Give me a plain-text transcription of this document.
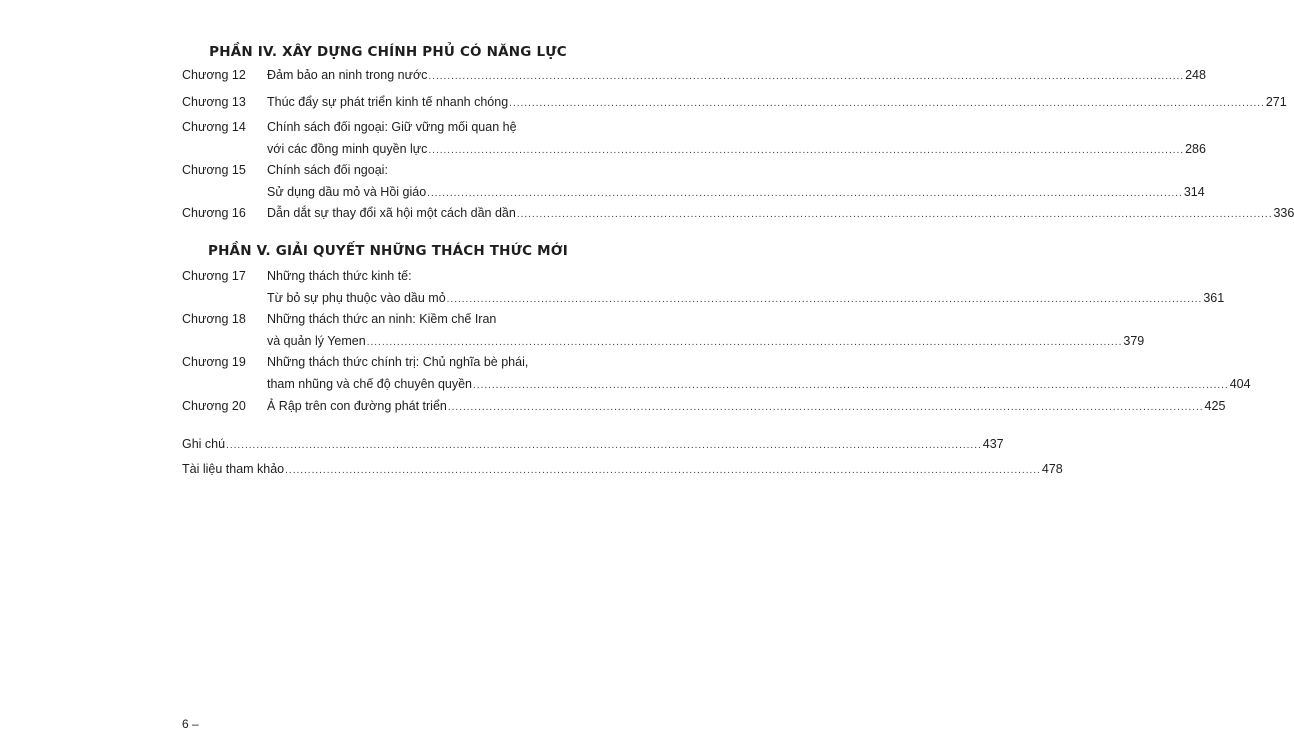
PHẦN IV. XÂY DỰNG CHÍNH PHỦ CÓ NĂNG LỰC
Chương 12	Đảm bảo an ninh trong nước ........................................................................................................................................................................................................ 248
Chương 13	Thúc đẩy sự phát triển kinh tế nhanh chóng ........................................................................................................................................................................................................ 271
Chương 14	Chính sách đối ngoại: Giữ vững mối quan hệ
với các đồng minh quyền lực ........................................................................................................................................................................................................ 286
Chương 15	Chính sách đối ngoại:
Sử dụng dầu mỏ và Hồi giáo ........................................................................................................................................................................................................ 314
Chương 16	Dẫn dắt sự thay đổi xã hội một cách dần dần ........................................................................................................................................................................................................ 336
PHẦN V. GIẢI QUYẾT NHỮNG THÁCH THỨC MỚI
Chương 17	Những thách thức kinh tế:
Từ bỏ sự phụ thuộc vào dầu mỏ ........................................................................................................................................................................................................ 361
Chương 18	Những thách thức an ninh: Kiềm chế Iran
và quản lý Yemen ........................................................................................................................................................................................................ 379
Chương 19	Những thách thức chính trị: Chủ nghĩa bè phái,
tham nhũng và chế độ chuyên quyền ........................................................................................................................................................................................................ 404
Chương 20	Ả Rập trên con đường phát triển ........................................................................................................................................................................................................ 425
Ghi chú ........................................................................................................................................................................................................ 437
Tài liệu tham khảo ........................................................................................................................................................................................................ 478
6 –
